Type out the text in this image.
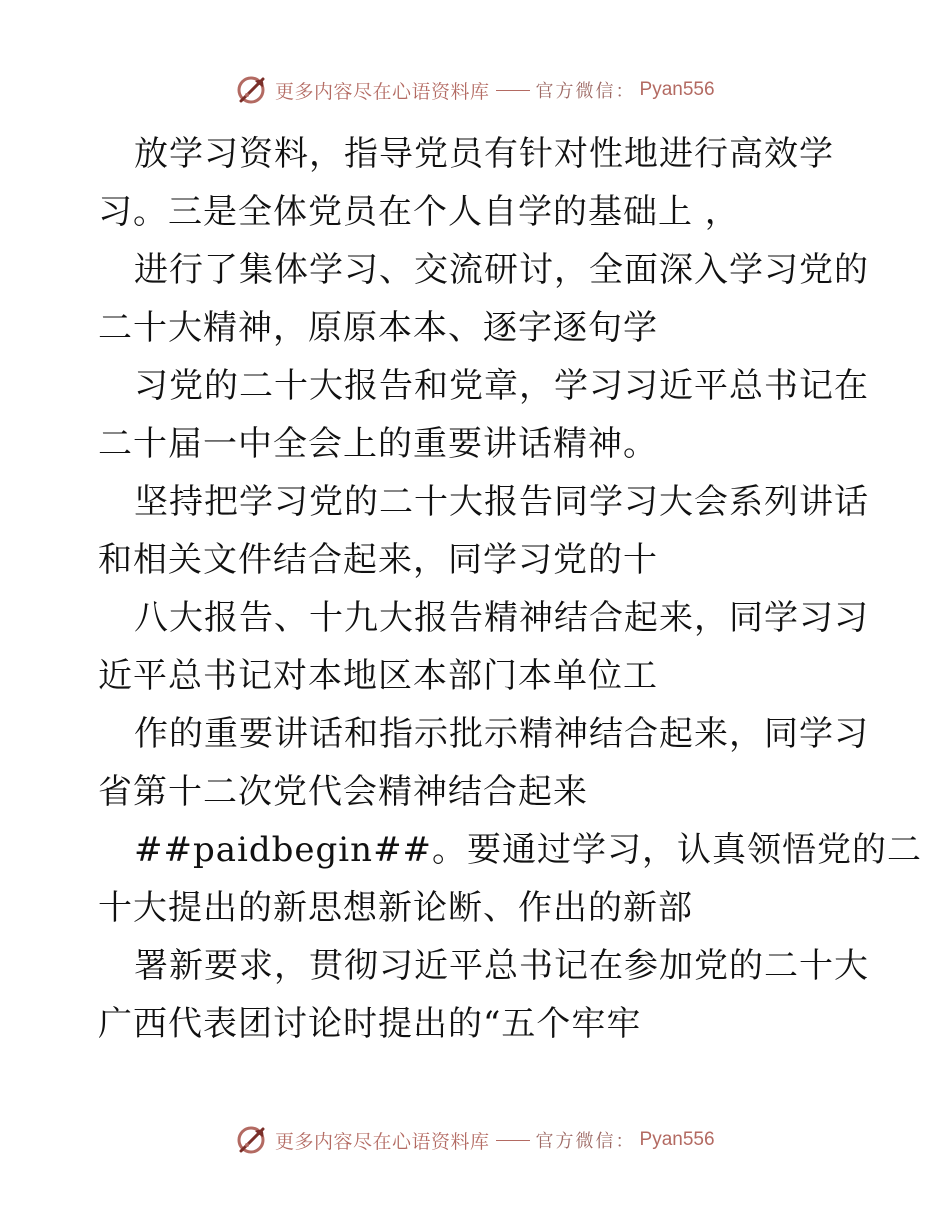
更多内容尽在心语资料库	官方微信： Pyan556
放学习资料，指导党员有针对性地进行高效学
习。三是全体党员在个人自学的基础上 ，
进行了集体学习、交流研讨，全面深入学习党的
二十大精神，原原本本、逐字逐句学
习党的二十大报告和党章，学习习近平总书记在
二十届一中全会上的重要讲话精神。
坚持把学习党的二十大报告同学习大会系列讲话
和相关文件结合起来，同学习党的十
八大报告、十九大报告精神结合起来，同学习习
近平总书记对本地区本部门本单位工
作的重要讲话和指示批示精神结合起来，同学习
省第十二次党代会精神结合起来
##paidbegin##。要通过学习，认真领悟党的二
十大提出的新思想新论断、作出的新部
署新要求，贯彻习近平总书记在参加党的二十大
广西代表团讨论时提出的“五个牢牢
更多内容尽在心语资料库	官方微信： Pyan556
